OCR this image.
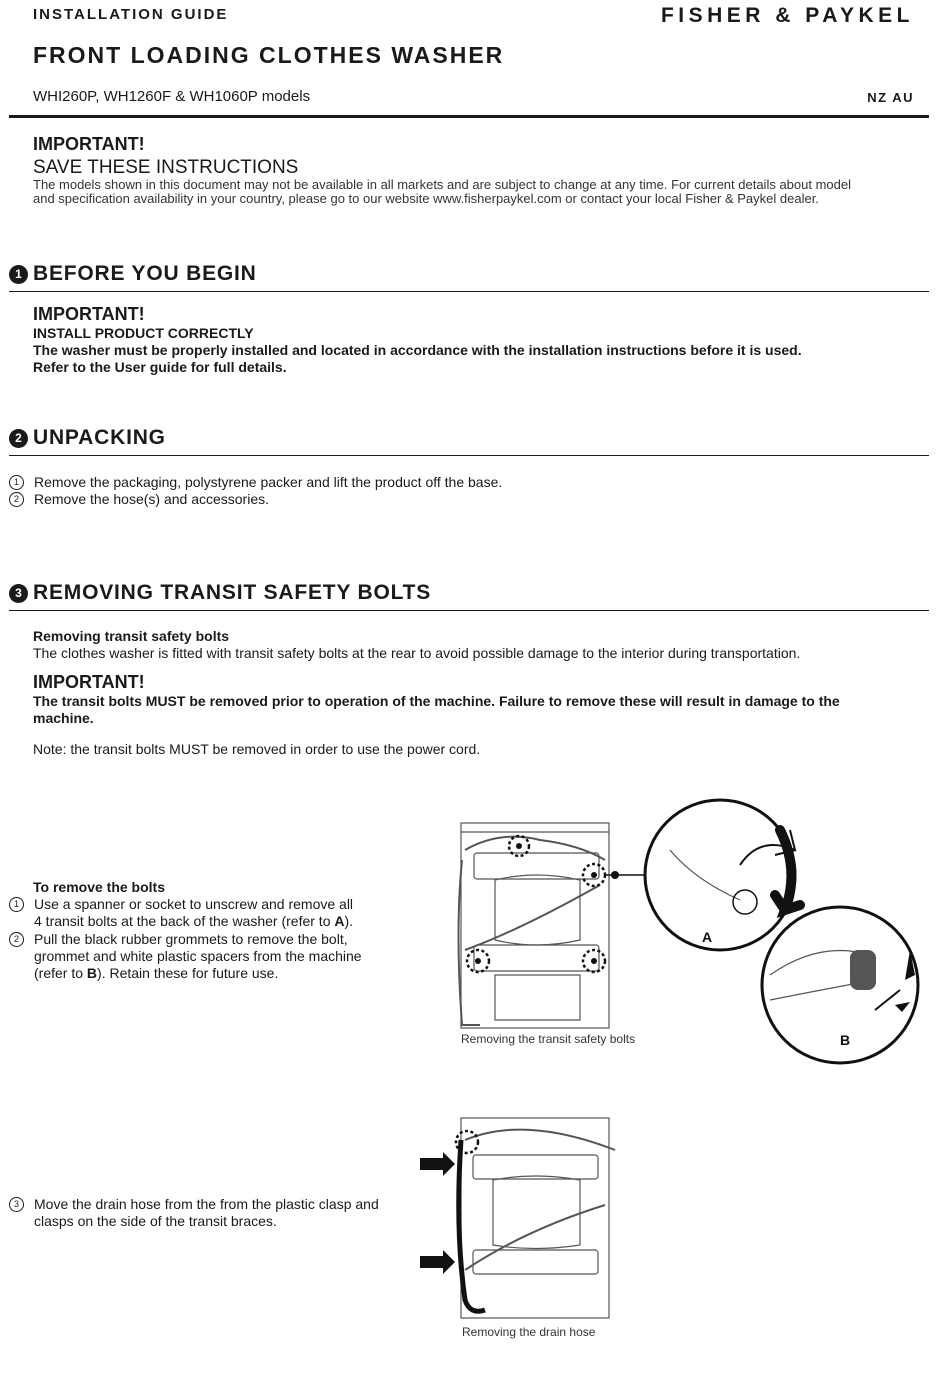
INSTALLATION GUIDE	FISHER & PAYKEL
FRONT LOADING CLOTHES WASHER
WHI260P, WH1260F & WH1060P models	NZ AU
IMPORTANT!
SAVE THESE INSTRUCTIONS
The models shown in this document may not be available in all markets and are subject to change at any time. For current details about model
and specification availability in your country, please go to our website www.fisherpaykel.com or contact your local Fisher & Paykel dealer.
1 BEFORE YOU BEGIN
IMPORTANT!
INSTALL PRODUCT CORRECTLY
The washer must be properly installed and located in accordance with the installation instructions before it is used.
Refer to the User guide for full details.
2 UNPACKING
1	Remove the packaging, polystyrene packer and lift the product off the base.
2	Remove the hose(s) and accessories.
3 REMOVING TRANSIT SAFETY BOLTS
Removing transit safety bolts
The clothes washer is fitted with transit safety bolts at the rear to avoid possible damage to the interior during transportation.
IMPORTANT!
The transit bolts MUST be removed prior to operation of the machine. Failure to remove these will result in damage to the
machine.
Note: the transit bolts MUST be removed in order to use the power cord.
To remove the bolts
1	Use a spanner or socket to unscrew and remove all
4 transit bolts at the back of the washer (refer to A).
2	Pull the black rubber grommets to remove the bolt,
grommet and white plastic spacers from the machine
(refer to B). Retain these for future use.
3	Move the drain hose from the from the plastic clasp and
clasps on the side of the transit braces.
A
B
Removing the transit safety bolts
Removing the drain hose
